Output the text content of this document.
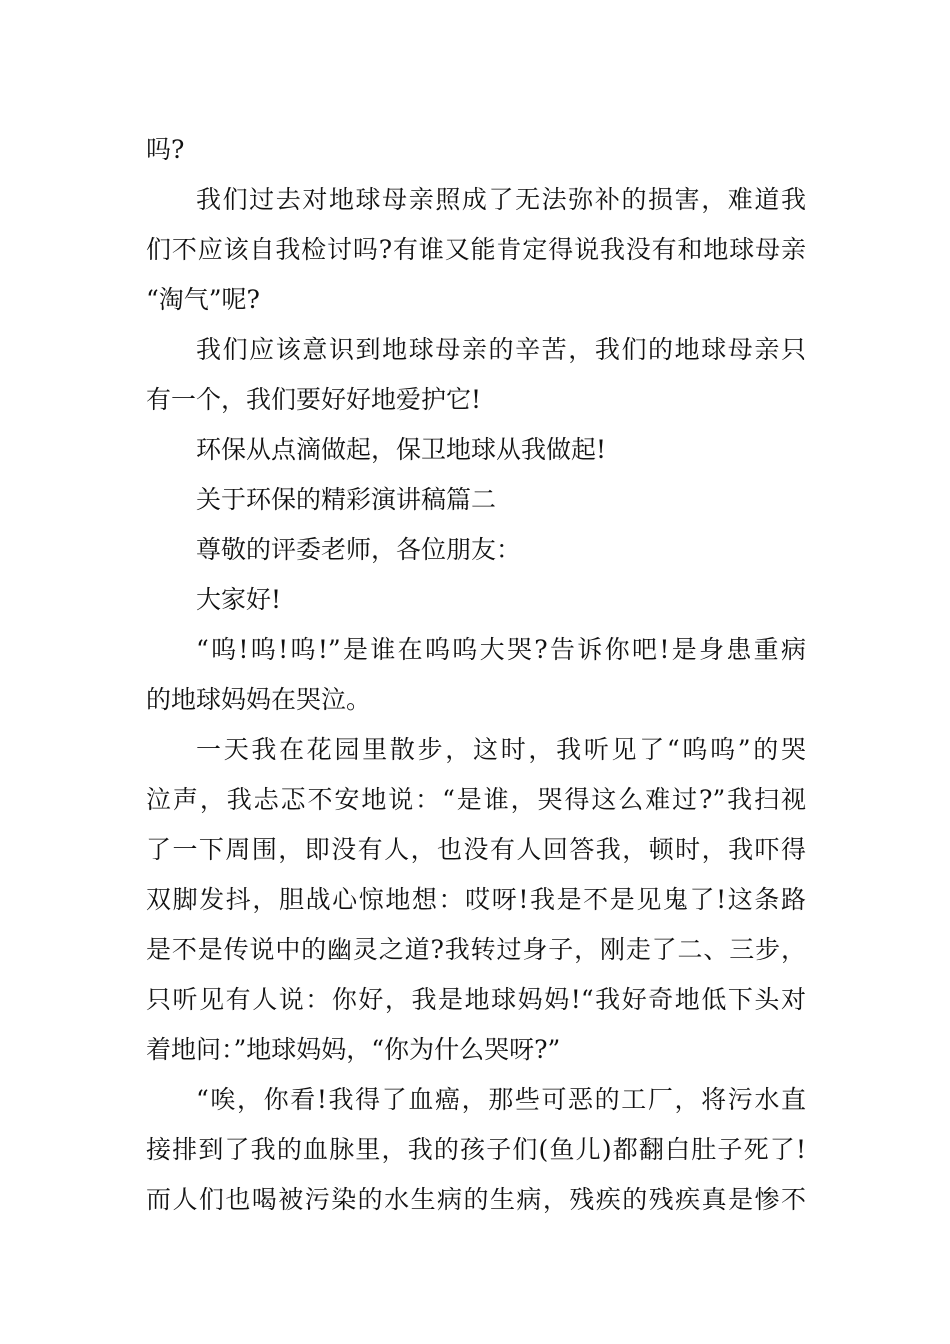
吗?
我们过去对地球母亲照成了无法弥补的损害，难道我
们不应该自我检讨吗?有谁又能肯定得说我没有和地球母亲
“淘气”呢?
我们应该意识到地球母亲的辛苦，我们的地球母亲只
有一个，我们要好好地爱护它!
环保从点滴做起，保卫地球从我做起!
关于环保的精彩演讲稿篇二
尊敬的评委老师，各位朋友：
大家好!
“呜!呜!呜!”是谁在呜呜大哭?告诉你吧!是身患重病
的地球妈妈在哭泣。
一天我在花园里散步，这时，我听见了“呜呜”的哭
泣声，我忐忑不安地说：“是谁，哭得这么难过?”我扫视
了一下周围，即没有人，也没有人回答我，顿时，我吓得
双脚发抖，胆战心惊地想：哎呀!我是不是见鬼了!这条路
是不是传说中的幽灵之道?我转过身子，刚走了二、三步，
只听见有人说：你好，我是地球妈妈!“我好奇地低下头对
着地问：”地球妈妈，“你为什么哭呀?”
“唉，你看!我得了血癌，那些可恶的工厂，将污水直
接排到了我的血脉里，我的孩子们(鱼儿)都翻白肚子死了!
而人们也喝被污染的水生病的生病，残疾的残疾真是惨不
